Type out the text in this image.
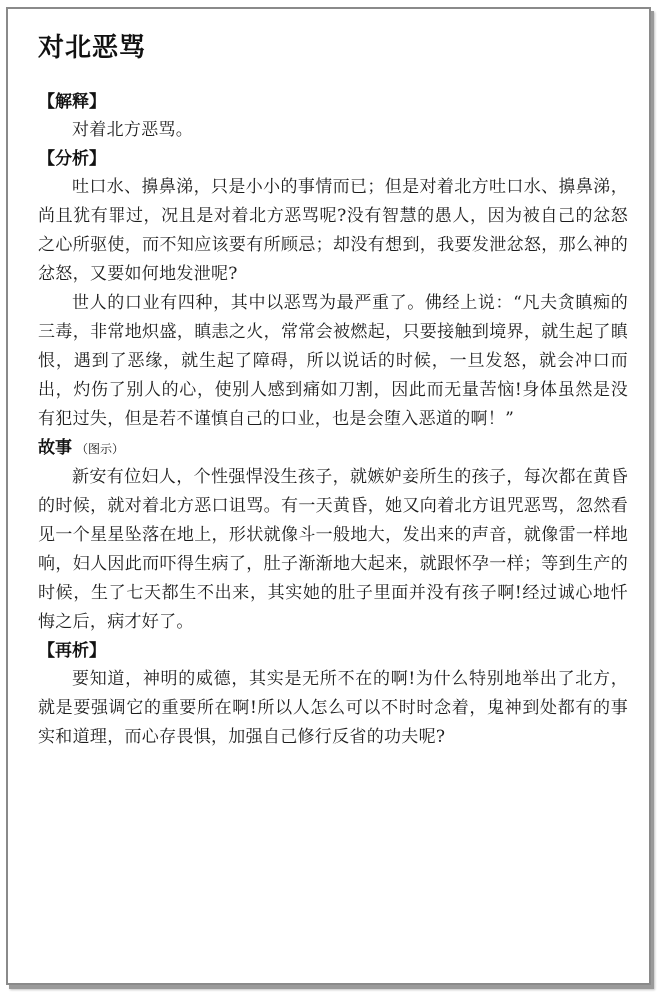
对北恶骂

【解释】

对着北方恶骂。

【分析】

吐口水、擤鼻涕，只是小小的事情而已；但是对着北方吐口水、擤鼻涕，尚且犹有罪过，况且是对着北方恶骂呢?没有智慧的愚人，因为被自己的忿怒之心所驱使，而不知应该要有所顾忌；却没有想到，我要发泄忿怒，那么神的忿怒，又要如何地发泄呢?

世人的口业有四种，其中以恶骂为最严重了。佛经上说：“凡夫贪瞋痴的三毒，非常地炽盛，瞋恚之火，常常会被燃起，只要接触到境界，就生起了瞋恨，遇到了恶缘，就生起了障碍，所以说话的时候，一旦发怒，就会冲口而出，灼伤了别人的心，使别人感到痛如刀割，因此而无量苦恼!身体虽然是没有犯过失，但是若不谨慎自己的口业，也是会堕入恶道的啊！”

故事 （图示）

新安有位妇人，个性强悍没生孩子，就嫉妒妾所生的孩子，每次都在黄昏的时候，就对着北方恶口诅骂。有一天黄昏，她又向着北方诅咒恶骂，忽然看见一个星星坠落在地上，形状就像斗一般地大，发出来的声音，就像雷一样地响，妇人因此而吓得生病了，肚子渐渐地大起来，就跟怀孕一样；等到生产的时候，生了七天都生不出来，其实她的肚子里面并没有孩子啊!经过诚心地忏悔之后，病才好了。

【再析】

要知道，神明的威德，其实是无所不在的啊!为什么特别地举出了北方，就是要强调它的重要所在啊!所以人怎么可以不时时念着，鬼神到处都有的事实和道理，而心存畏惧，加强自己修行反省的功夫呢?
